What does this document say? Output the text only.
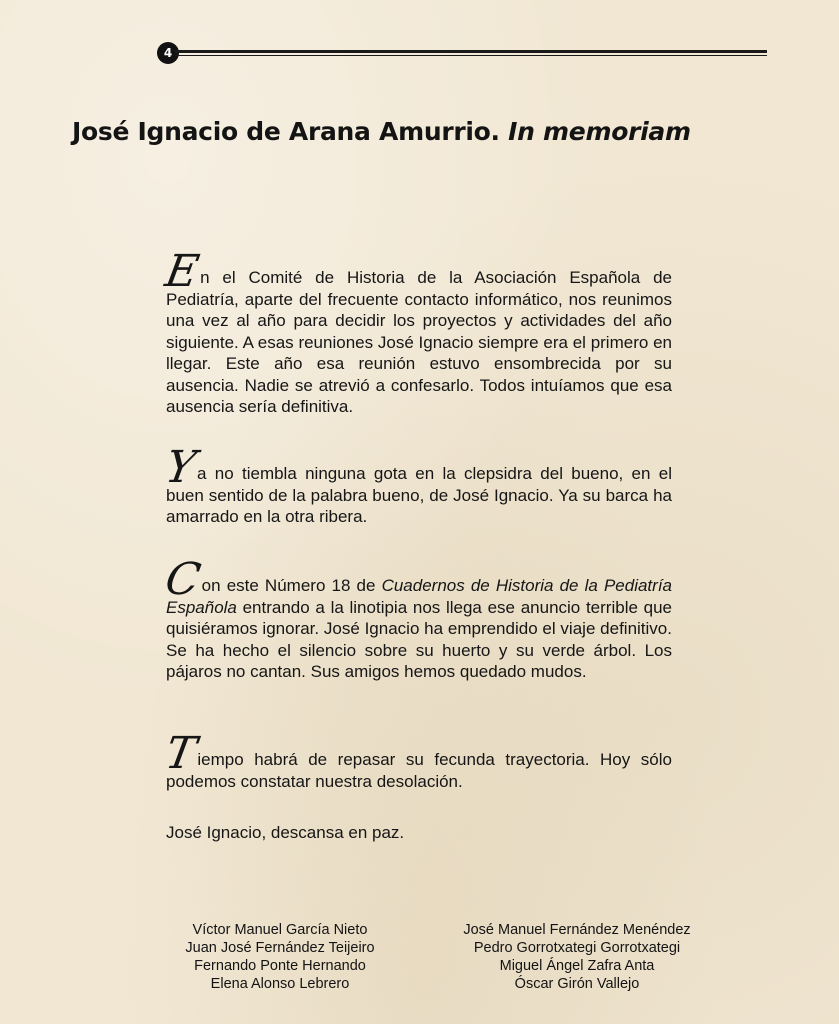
4
José Ignacio de Arana Amurrio. In memoriam

En el Comité de Historia de la Asociación Española de Pediatría, aparte del frecuente contacto informático, nos reunimos una vez al año para decidir los proyectos y actividades del año siguiente. A esas reuniones José Ignacio siempre era el primero en llegar. Este año esa reunión estuvo ensombrecida por su ausencia. Nadie se atrevió a confesarlo. Todos intuíamos que esa ausencia sería definitiva.

Ya no tiembla ninguna gota en la clepsidra del bueno, en el buen sentido de la palabra bueno, de José Ignacio. Ya su barca ha amarrado en la otra ribera.

Con este Número 18 de Cuadernos de Historia de la Pediatría Española entrando a la linotipia nos llega ese anuncio terrible que quisiéramos ignorar. José Ignacio ha emprendido el viaje definitivo. Se ha hecho el silencio sobre su huerto y su verde árbol. Los pájaros no cantan. Sus amigos hemos quedado mudos.

Tiempo habrá de repasar su fecunda trayectoria. Hoy sólo podemos constatar nuestra desolación.

José Ignacio, descansa en paz.

Víctor Manuel García Nieto
Juan José Fernández Teijeiro
Fernando Ponte Hernando
Elena Alonso Lebrero
José Manuel Fernández Menéndez
Pedro Gorrotxategi Gorrotxategi
Miguel Ángel Zafra Anta
Óscar Girón Vallejo
